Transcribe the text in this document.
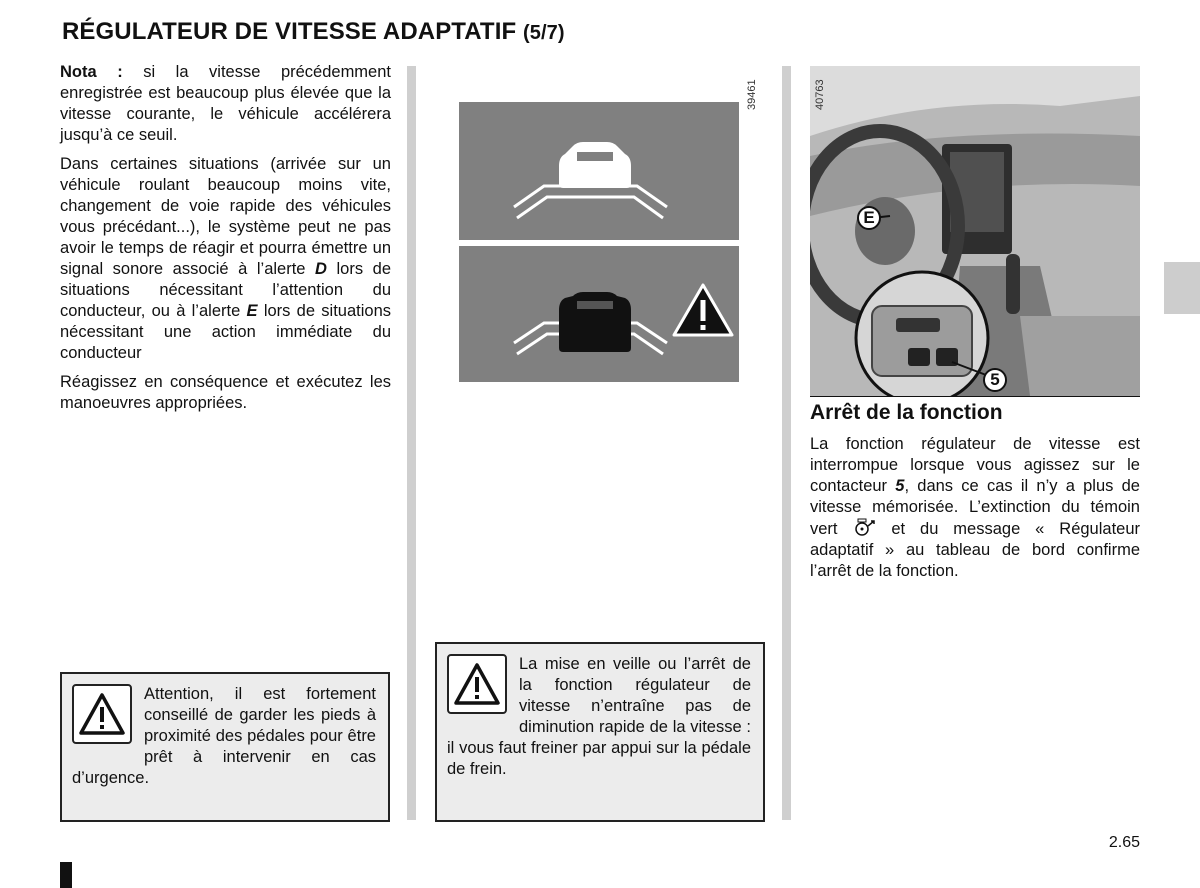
RÉGULATEUR DE VITESSE ADAPTATIF (5/7)

Nota : si la vitesse précédemment enregistrée est beaucoup plus élevée que la vitesse courante, le véhicule accélérera jusqu’à ce seuil.

Dans certaines situations (arrivée sur un véhicule roulant beaucoup moins vite, changement de voie rapide des véhicules vous précédant...), le système peut ne pas avoir le temps de réagir et pourra émettre un signal sonore associé à l’alerte D lors de situations nécessitant l’attention du conducteur, ou à l’alerte E lors de situations nécessitant une action immédiate du conducteur

Réagissez en conséquence et exécutez les manoeuvres appropriées.

Attention, il est fortement conseillé de garder les pieds à proximité des pédales pour être prêt à intervenir en cas d’urgence.
39461
La mise en veille ou l’arrêt de la fonction régulateur de vitesse n’entraîne pas de diminution rapide de la vitesse : il vous faut freiner par appui sur la pédale de frein.
40763
E
5
Arrêt de la fonction

La fonction régulateur de vitesse est interrompue lorsque vous agissez sur le contacteur 5, dans ce cas il n’y a plus de vitesse mémorisée. L’extinction du témoin vert  et du message « Régulateur adaptatif » au tableau de bord confirme l’arrêt de la fonction.

2.65
